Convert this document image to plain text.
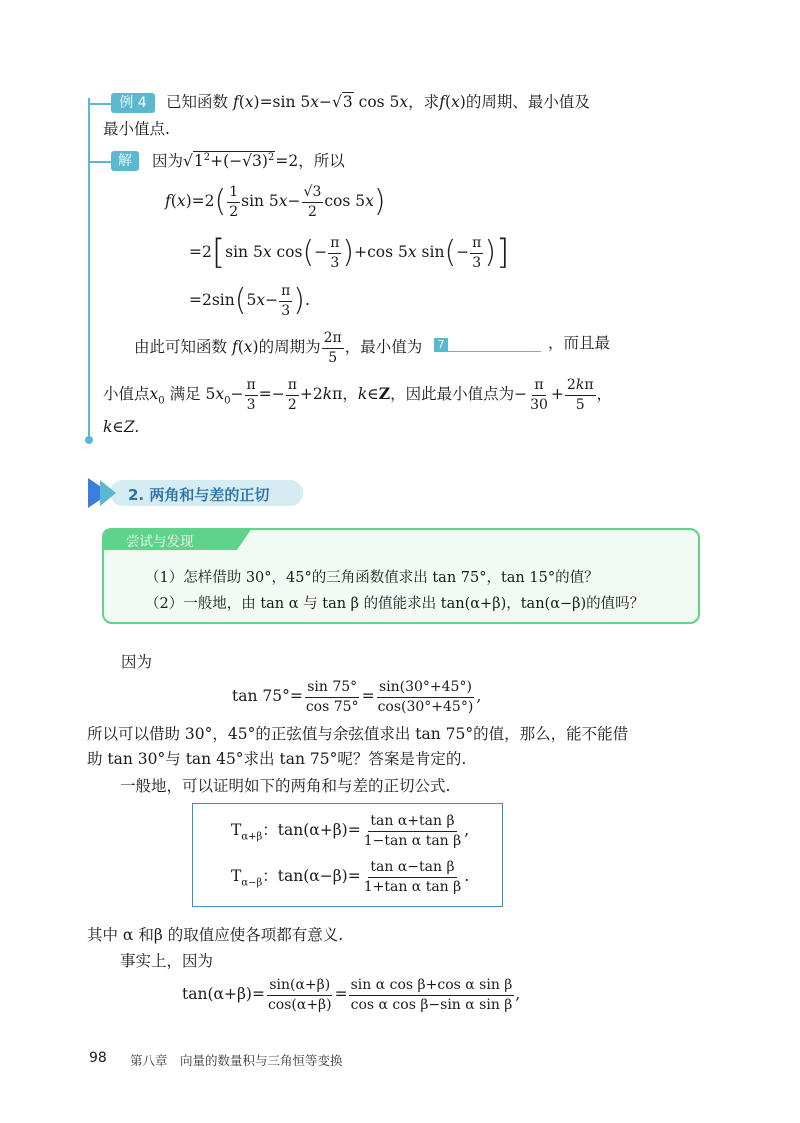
例 4	已知函数 f(x)=sin 5x−√3 cos 5x，求f(x)的周期、最小值及
最小值点.
解	因为$√1^2+(-√3)^2=2$，所以
$f(x)=2( \frac{1}{2}$ $\sin 5x- \frac{√3}{2}$ cos 5x)
=2[sin 5x $\cos(- \frac{\pi}{3} )+\cos$ 5x $\sin(- \frac{\pi}{3}$ )]
$=2\sin(5x- \frac{\pi}{3}$ ).
由此可知函数 f(x)的周期为 $\frac{2\pi}{5}$ ，最小值为	7	，而且最
小值点$x_0$ 满足 $5x_0- \frac{\pi}{3} =- \frac{\pi}{2} +2k\pi$，k∈Z，因此最小值点为− $\frac{\pi}{30} + \frac{2k\pi}{5}$ ，
k∈Z.
2. 两角和与差的正切
尝试与发现
（1）怎样借助 30°，45°的三角函数值求出 tan 75°，tan 15°的值？
（2）一般地，由 tan α 与 tan β 的值能求出 tan(α+β)，tan(α−β)的值吗？
因为
$\tan 75^\circ= \frac{\sin 75^\circ}{\cos 75^\circ} = \frac{\sin(30^\circ+45^\circ)}{\cos(30^\circ+45^\circ)}$ ,
所以可以借助 30°，45°的正弦值与余弦值求出 tan 75°的值，那么，能不能借
助 tan 30°与 tan 45°求出 tan 75°呢？答案是肯定的.
一般地，可以证明如下的两角和与差的正切公式.
$T_{\alpha+\beta}$：$\tan(\alpha+\beta)= \frac{\text{tan α+tan β}}{\text{1−tan α tan β}}$ ,
$T_{\alpha-\beta}$：$\tan(\alpha-\beta)= \frac{\text{tan α−tan β}}{\text{1+tan α tan β}}$ .
其中 α 和β 的取值应使各项都有意义.
事实上，因为
$\tan(\alpha+\beta)= \frac{\sin(\alpha+\beta)}{\cos(\alpha+\beta)} = \frac{\text{sin α cos β+cos α sin β}}{\text{cos α cos β−sin α sin β}}$ ,
98 第八章　向量的数量积与三角恒等变换
